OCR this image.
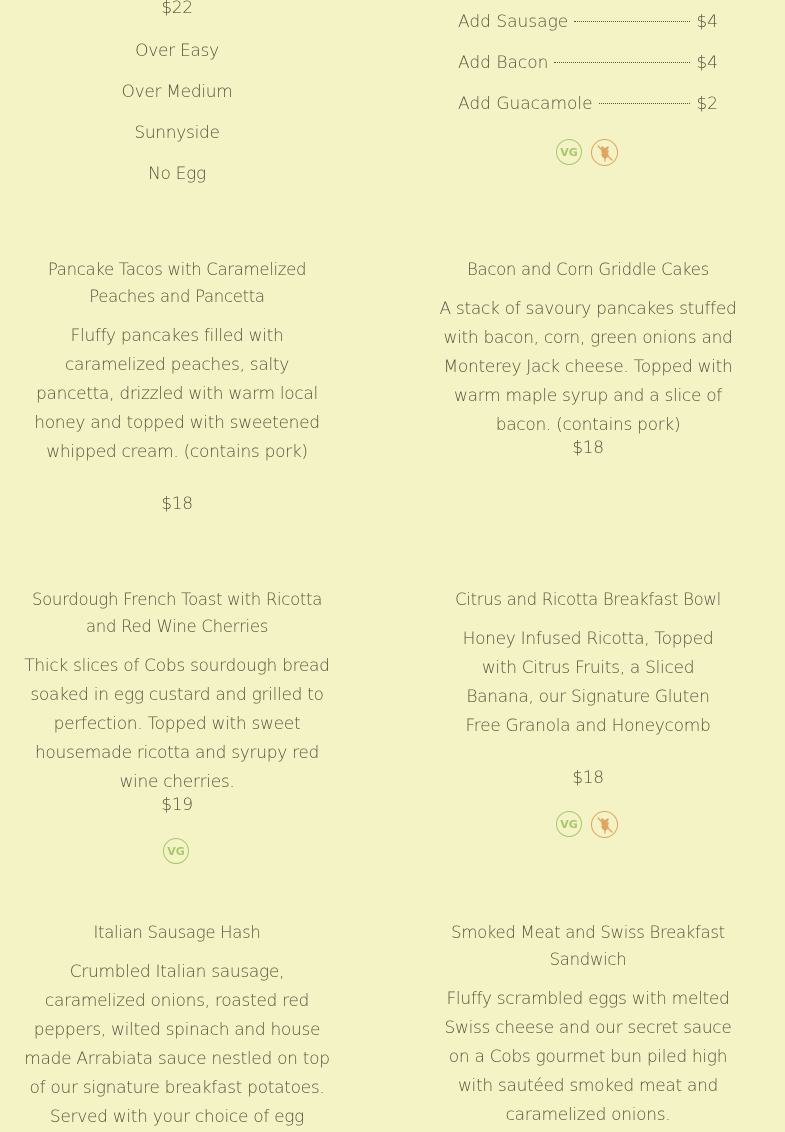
$22
Over Easy
Over Medium
Sunnyside
No Egg
Add Sausage	$4
Add Bacon	$4
Add Guacamole	$2
VG
Pancake Tacos with Caramelized Peaches and Pancetta
Fluffy pancakes filled with caramelized peaches, salty pancetta, drizzled with warm local honey and topped with sweetened whipped cream. (contains pork)
$18
Bacon and Corn Griddle Cakes
A stack of savoury pancakes stuffed with bacon, corn, green onions and Monterey Jack cheese. Topped with warm maple syrup and a slice of bacon. (contains pork)
$18
Sourdough French Toast with Ricotta and Red Wine Cherries
Thick slices of Cobs sourdough bread soaked in egg custard and grilled to perfection. Topped with sweet housemade ricotta and syrupy red wine cherries.
$19
VG
Citrus and Ricotta Breakfast Bowl
Honey Infused Ricotta, Topped with Citrus Fruits, a Sliced Banana, our Signature Gluten Free Granola and Honeycomb
$18
VG
Italian Sausage Hash
Crumbled Italian sausage, caramelized onions, roasted red peppers, wilted spinach and house made Arrabiata sauce nestled on top of our signature breakfast potatoes. Served with your choice of egg
Smoked Meat and Swiss Breakfast Sandwich
Fluffy scrambled eggs with melted Swiss cheese and our secret sauce on a Cobs gourmet bun piled high with sautéed smoked meat and caramelized onions.
